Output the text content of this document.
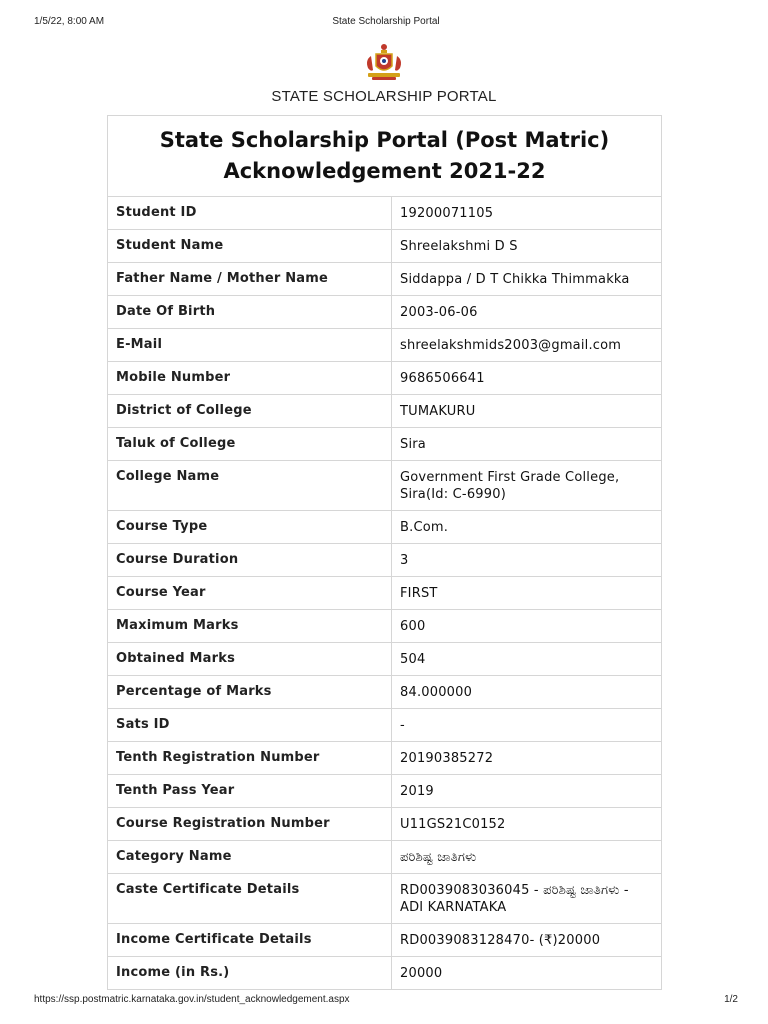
1/5/22, 8:00 AM	State Scholarship Portal
STATE SCHOLARSHIP PORTAL
State Scholarship Portal (Post Matric)
Acknowledgement 2021-22	
Student ID	19200071105
Student Name	Shreelakshmi D S
Father Name / Mother Name	Siddappa / D T Chikka Thimmakka
Date Of Birth	2003-06-06
E-Mail	shreelakshmids2003@gmail.com
Mobile Number	9686506641
District of College	TUMAKURU
Taluk of College	Sira
College Name	Government First Grade College, Sira(Id: C-6990)
Course Type	B.Com.
Course Duration	3
Course Year	FIRST
Maximum Marks	600
Obtained Marks	504
Percentage of Marks	84.000000
Sats ID	-
Tenth Registration Number	20190385272
Tenth Pass Year	2019
Course Registration Number	U11GS21C0152
Category Name	ಪರಿಶಿಷ್ಟ ಜಾತಿಗಳು
Caste Certificate Details	RD0039083036045 - ಪರಿಶಿಷ್ಟ ಜಾತಿಗಳು - ADI KARNATAKA
Income Certificate Details	RD0039083128470- (₹)20000
Income (in Rs.)	20000
https://ssp.postmatric.karnataka.gov.in/student_acknowledgement.aspx	1/2
